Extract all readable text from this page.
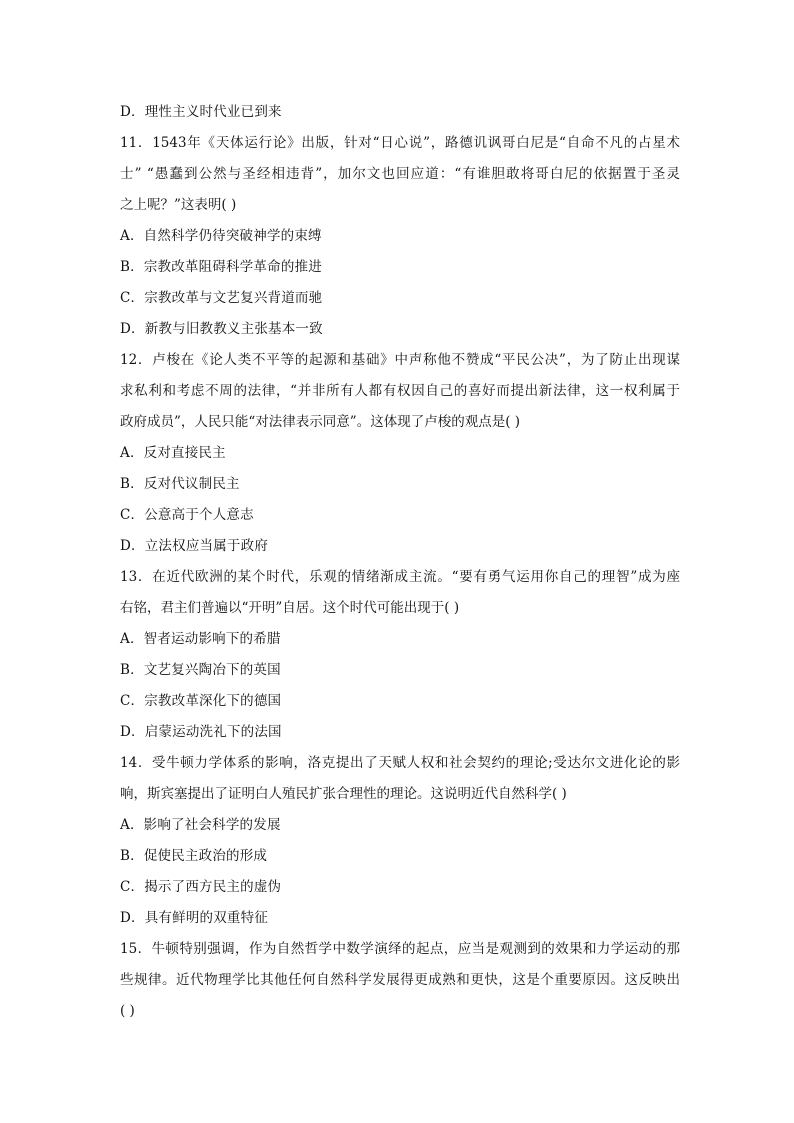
D．理性主义时代业已到来
11．1543年《天体运行论》出版，针对“日心说”，路德讥讽哥白尼是“自命不凡的占星术
士” “愚蠢到公然与圣经相违背”，加尔文也回应道：“有谁胆敢将哥白尼的依据置于圣灵
之上呢？”这表明( )
A．自然科学仍待突破神学的束缚
B．宗教改革阻碍科学革命的推进
C．宗教改革与文艺复兴背道而驰
D．新教与旧教教义主张基本一致
12．卢梭在《论人类不平等的起源和基础》中声称他不赞成“平民公决”，为了防止出现谋
求私利和考虑不周的法律，“并非所有人都有权因自己的喜好而提出新法律，这一权利属于
政府成员”，人民只能“对法律表示同意”。这体现了卢梭的观点是( )
A．反对直接民主
B．反对代议制民主
C．公意高于个人意志
D．立法权应当属于政府
13．在近代欧洲的某个时代，乐观的情绪渐成主流。“要有勇气运用你自己的理智”成为座
右铭，君主们普遍以“开明”自居。这个时代可能出现于( )
A．智者运动影响下的希腊
B．文艺复兴陶冶下的英国
C．宗教改革深化下的德国
D．启蒙运动洗礼下的法国
14．受牛顿力学体系的影响，洛克提出了天赋人权和社会契约的理论;受达尔文进化论的影
响，斯宾塞提出了证明白人殖民扩张合理性的理论。这说明近代自然科学( )
A．影响了社会科学的发展
B．促使民主政治的形成
C．揭示了西方民主的虚伪
D．具有鲜明的双重特征
15．牛顿特别强调，作为自然哲学中数学演绎的起点，应当是观测到的效果和力学运动的那
些规律。近代物理学比其他任何自然科学发展得更成熟和更快，这是个重要原因。这反映出
( )
